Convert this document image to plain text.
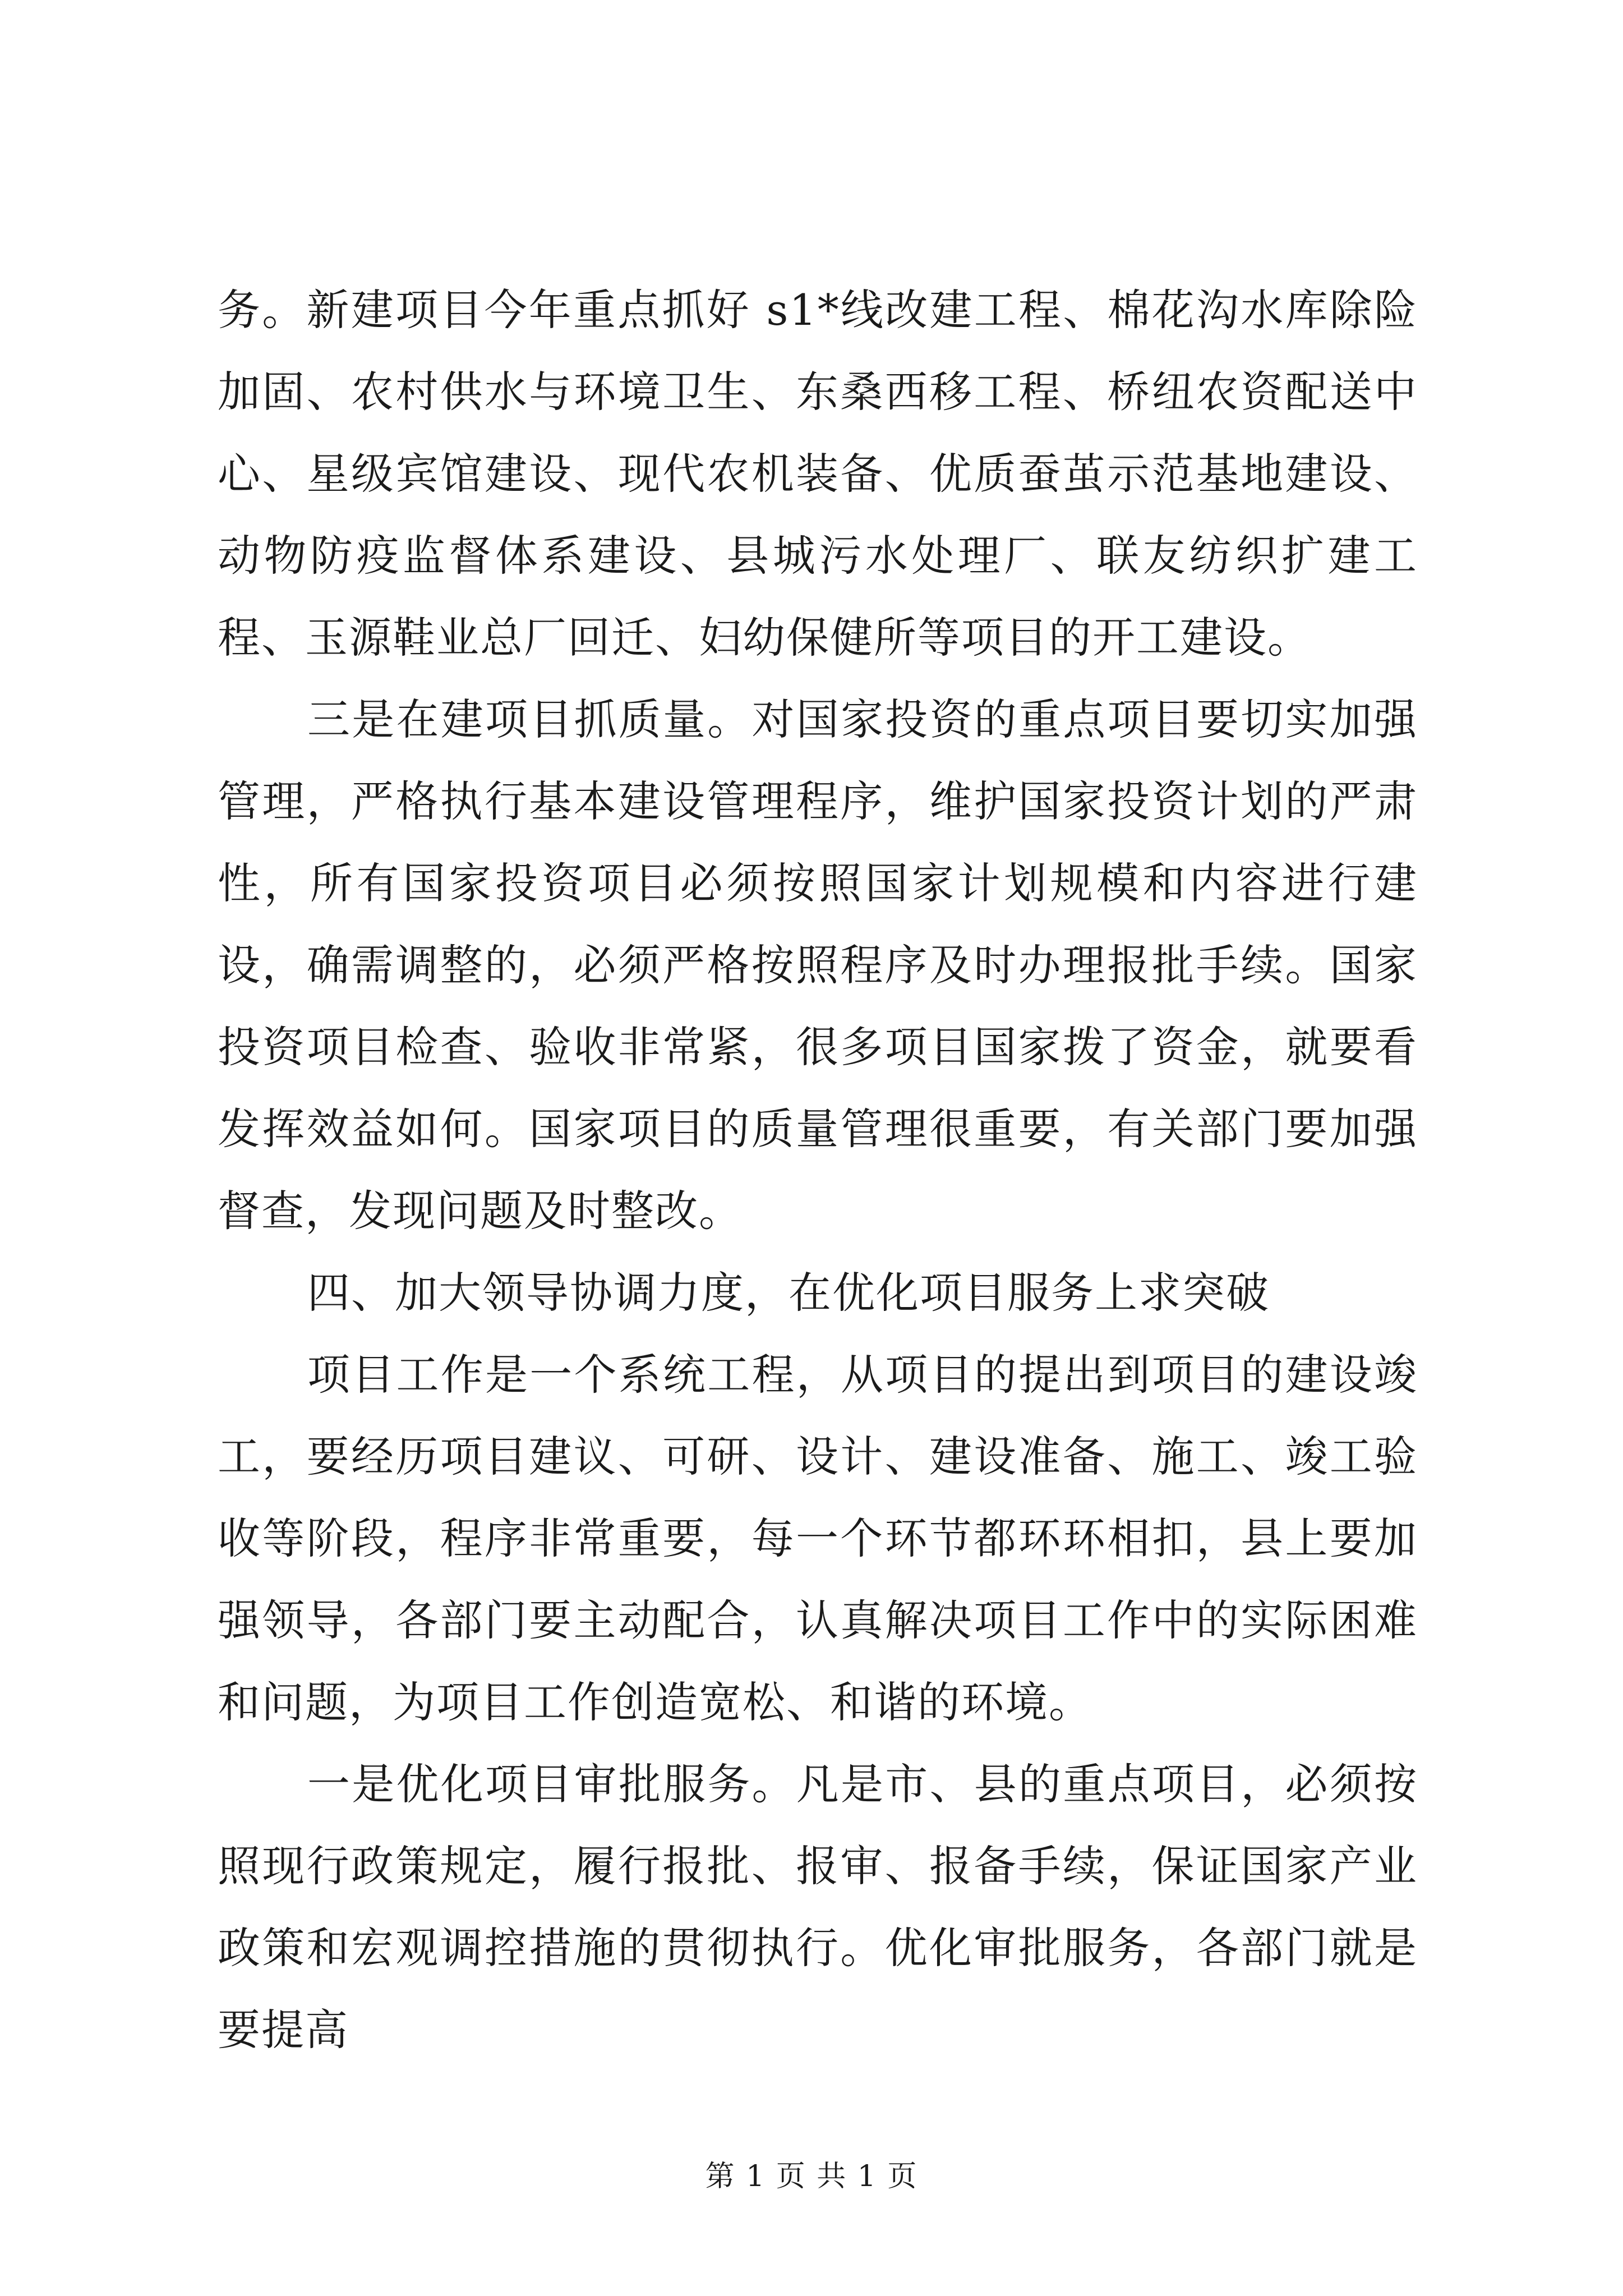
务。新建项目今年重点抓好 s1*线改建工程、棉花沟水库除险加固、农村供水与环境卫生、东桑西移工程、桥纽农资配送中心、星级宾馆建设、现代农机装备、优质蚕茧示范基地建设、动物防疫监督体系建设、县城污水处理厂、联友纺织扩建工程、玉源鞋业总厂回迁、妇幼保健所等项目的开工建设。

三是在建项目抓质量。对国家投资的重点项目要切实加强管理，严格执行基本建设管理程序，维护国家投资计划的严肃性，所有国家投资项目必须按照国家计划规模和内容进行建设，确需调整的，必须严格按照程序及时办理报批手续。国家投资项目检查、验收非常紧，很多项目国家拨了资金，就要看发挥效益如何。国家项目的质量管理很重要，有关部门要加强督查，发现问题及时整改。

四、加大领导协调力度，在优化项目服务上求突破

项目工作是一个系统工程，从项目的提出到项目的建设竣工，要经历项目建议、可研、设计、建设准备、施工、竣工验收等阶段，程序非常重要，每一个环节都环环相扣，县上要加强领导，各部门要主动配合，认真解决项目工作中的实际困难和问题，为项目工作创造宽松、和谐的环境。

一是优化项目审批服务。凡是市、县的重点项目，必须按照现行政策规定，履行报批、报审、报备手续，保证国家产业政策和宏观调控措施的贯彻执行。优化审批服务，各部门就是要提高

第 1 页 共 1 页
